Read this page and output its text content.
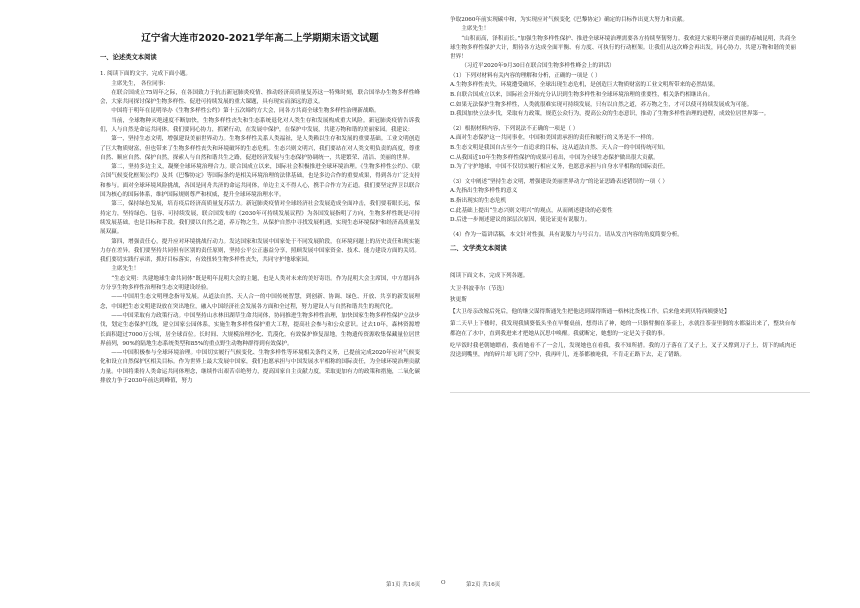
辽宁省大连市2020-2021学年高二上学期期末语文试题
一、论述类文本阅读
1. 阅读下面的文字，完成下面小题。

主席先生， 各位同事：

在联合国成立75周年之际，在各国致力于抗击新冠肺炎疫情、推动经济高质量复苏这一特殊时刻，联合国举办生物多样性峰会，大家共同探讨保护生物多样性、促进可持续发展的重大课题，具有现实而深远的意义。

中国将于明年在昆明举办《生物多样性公约》第十五次缔约方大会，同各方共商全球生物多样性治理新战略。

当前，全球物种灭绝速度不断加快，生物多样性丧失和生态系统退化对人类生存和发展构成重大风险。新冠肺炎疫情告诉我们，人与自然是命运共同体。我们要同心协力，抓紧行动，在发展中保护，在保护中发展，共建万物和谐的美丽家园。我建议：

第一，坚持生态文明，增强建设美丽世界动力。生物多样性关系人类福祉，是人类赖以生存和发展的重要基础。工业文明创造了巨大物质财富，但也带来了生物多样性丧失和环境破坏的生态危机。生态兴则文明兴，我们要站在对人类文明负责的高度，尊重自然、顺应自然、保护自然，探索人与自然和谐共生之路，促进经济发展与生态保护协调统一，共建繁荣、清洁、美丽的世界。

第二，坚持多边主义，凝聚全球环境治理合力。联合国成立以来，国际社会积极推进全球环境治理。《生物多样性公约》、《联合国气候变化框架公约》及其《巴黎协定》等国际条约是相关环境治理的法律基础，也是多边合作的重要成果，得到各方广泛支持和参与。面对全球环境风险挑战，各国是同舟共济的命运共同体，单边主义不得人心，携手合作方为正道。我们要坚定捍卫以联合国为核心的国际体系，维护国际规则尊严和权威，提升全球环境治理水平。

第三，保持绿色发展，培育疫后经济高质量复苏活力。新冠肺炎疫情对全球经济社会发展造成全面冲击，我们要着眼长远，保持定力，坚持绿色、包容、可持续发展，联合国发布的《2030年可持续发展议程》为各国发展指明了方向，生物多样性既是可持续发展基础，也是目标和手段。我们要以自然之道，养万物之生，从保护自然中寻找发展机遇，实现生态环境保护和经济高质量发展双赢。

第四，增强责任心，提升应对环境挑战行动力。发达国家和发展中国家处于不同发展阶段，在环境问题上的历史责任和现实能力存在差异。我们要坚持共同但有区别的责任原则，坚持公平公正惠益分享，照顾发展中国家资金、技术、能力建设方面的关切。我们要切实践行承诺，抓好目标落实，有效扭转生物多样性丧失，共同守护地球家园。

主席先生！

“生态文明：共建地球生命共同体”既是明年昆明大会的主题，也是人类对未来的美好寄语。作为昆明大会主席国，中方愿同各方分享生物多样性治理和生态文明建设经验。

——中国用生态文明理念指导发展。从道法自然、天人合一的中国传统智慧，到创新、协调、绿色、开放、共享的新发展理念，中国把生态文明建设放在突出地位，融入中国经济社会发展各方面和全过程，努力建设人与自然和谐共生的现代化。

——中国采取有力政策行动。中国坚持山水林田湖草生命共同体，协同推进生物多样性治理，加快国家生物多样性保护立法步伐，划定生态保护红线，建立国家公园体系，实施生物多样性保护重大工程，提高社会参与和公众意识。过去10年，森林资源增长面积超过7000万公顷，居全球首位。长时间、大规模治理沙化、荒漠化，有效保护修复湿地，生物遗传资源收集保藏量位居世界前列，90%的陆地生态系统类型和85%的重点野生动物种群得到有效保护。

——中国积极参与全球环境治理。中国切实履行气候变化、生物多样性等环境相关条约义务，已提前完成2020年应对气候变化和设立自然保护区相关目标。作为世界上最大发展中国家，我们也愿承担与中国发展水平相称的国际责任，为全球环境治理贡献力量。中国将秉持人类命运共同体理念，继续作出艰苦卓绝努力，提高国家自主贡献力度，采取更加有力的政策和措施，二氧化碳排放力争于2030年前达到峰值，努力

争取2060年前实现碳中和，为实现应对气候变化《巴黎协定》确定的目标作出更大努力和贡献。

主席先生！

“山积而高，泽积而长。”加强生物多样性保护、推进全球环境治理需要各方持续坚韧努力。我欢迎大家明年聚首美丽的春城昆明，共商全球生物多样性保护大计，期待各方达成全面平衡、有力度、可执行的行动框架。让我们从这次峰会再出发，同心协力，共建万物和谐的美丽世界！

（习近平2020年9月30日在联合国生物多样性峰会上的讲话）

（1）下列对材料有关内容的理解和分析，正确的一项是（ ）
A.生物多样性丧失，环境遭受破坏，全球出现生态危机，是创造巨大物质财富的工业文明所带来的必然结果。
B.自联合国成立以来，国际社会开始充分认识到生物多样性和全球环境治理的重要性，相关条约相继出台。
C.如果无法保护生物多样性，人类就很难实现可持续发展，只有以自然之道，养万物之生，才可以使可持续发展成为可能。
D.我国加快立法步伐，采取有力政策，规范公众行为，提高公众的生态意识，推动了生物多样性治理的进程，成效位居世界第一。
（2）根据材料内容，下列说法不正确的一项是（ ）
A.面对生态保护这一共同事业，中国和美国需承担的责任和履行的义务是不一样的。
B.生态文明是我国自古至今一直追求的目标，这从道法自然、天人合一的中国传统可知。
C.从我国近10年生物多样性保护的成果可看出，中国为全球生态保护做出很大贡献。
D.为了守护地球，中国不仅切实履行相应义务，也愿意承担与自身水平相称的国际责任。
（3）文中阐述“坚持生态文明，增强建设美丽世界动力”的论证思路表述错误的一项（ ）
A.先指出生物多样性的意义
B.指出现实的生态危机
C.此基础上提出“生态兴则文明兴”的观点，从而阐述建设的必要性
D.后进一步阐述建议的深层次原因，使论证更有说服力。
（4）作为一篇讲话稿，本文针对性强，具有说服力与号召力。请从发言内容的角度简要分析。
二、文学类文本阅读
阅读下面文本，完成下列各题。
大卫·科波菲尔（节选）
狄更斯

【大卫母亲改嫁后死后，他的继父谋得斯通先生把他送到谋得斯通一格林比货栈工作，后来他来到贝特西姨婆处】

第二天早上下楼时，我发现我姨婆低头坐在早餐桌前，想得出了神，她的一只胳臂搁在茶壶上，水就往茶壶里倒的水都溢出来了，整块台布都泡在了水中，直到我进来才把她从沉思中唤醒。我就断定，她想的一定是关于我的事。

吃早饭时我老朝她瞟看，我看她看不了一会儿，发现她也在看我，我不知所措。我的刀子落在了叉子上，叉子又撑到刀子上，切下的咸肉还没送到嘴里，肉的碎片却飞到了空中，我再叶儿，连茶都被呛我，不肯走正路下去，走了错路。

第1页 共16页	O	第2页 共16页
